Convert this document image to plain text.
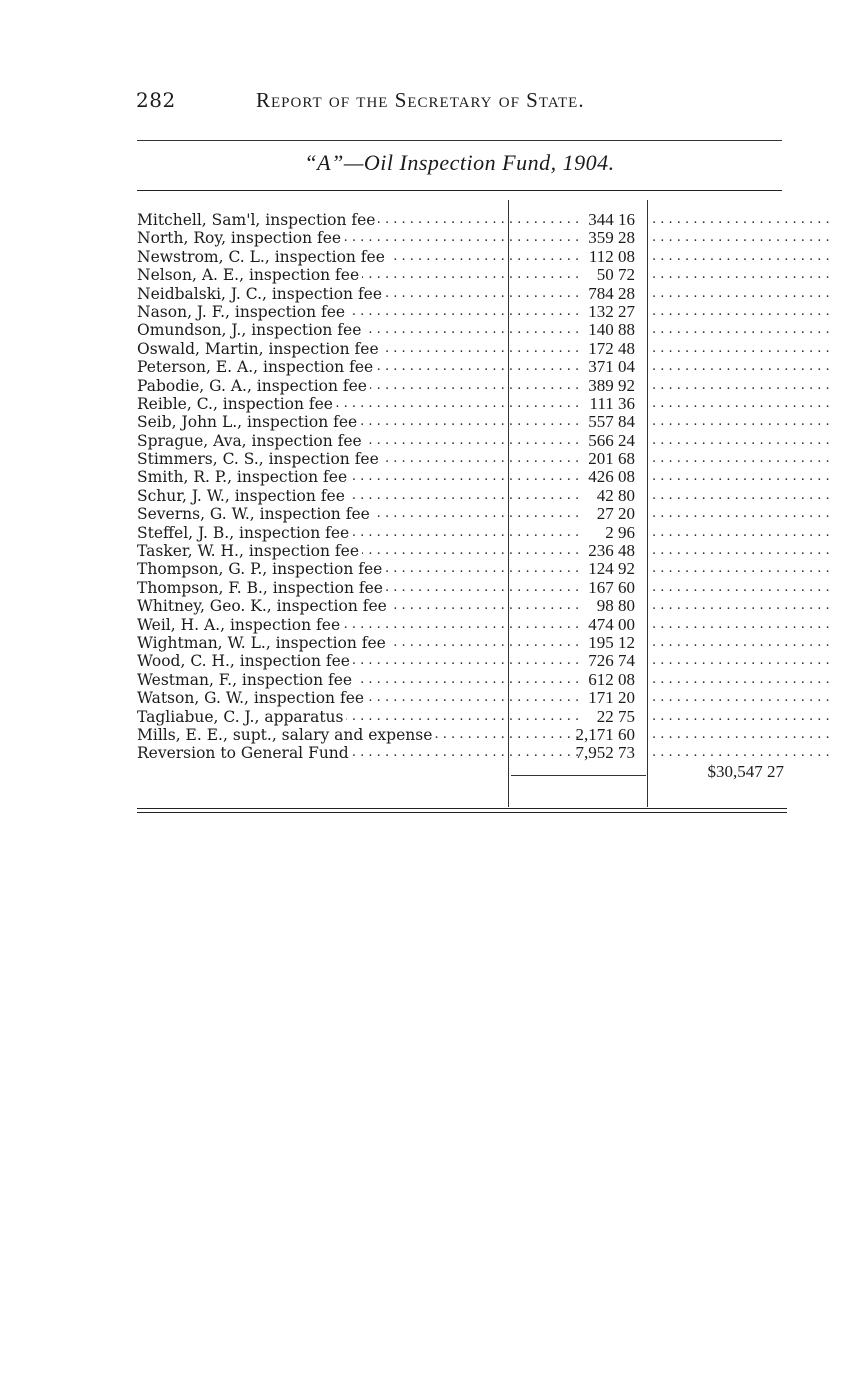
282	Report of the Secretary of State.
“A”—Oil Inspection Fund, 1904.
Mitchell, Sam'l, inspection fee . . .	344 16 . . . . . . . . . . . . . . . . . . . . . .
North, Roy, inspection fee . . .	359 28 . . . . . . . . . . . . . . . . . . . . . .
Newstrom, C. L., inspection fee . . .	112 08 . . . . . . . . . . . . . . . . . . . . . .
Nelson, A. E., inspection fee . . .	50 72 . . . . . . . . . . . . . . . . . . . . . .
Neidbalski, J. C., inspection fee . . .	784 28 . . . . . . . . . . . . . . . . . . . . . .
Nason, J. F., inspection fee . . .	132 27 . . . . . . . . . . . . . . . . . . . . . .
Omundson, J., inspection fee . . .	140 88 . . . . . . . . . . . . . . . . . . . . . .
Oswald, Martin, inspection fee . . .	172 48 . . . . . . . . . . . . . . . . . . . . . .
Peterson, E. A., inspection fee . . .	371 04 . . . . . . . . . . . . . . . . . . . . . .
Pabodie, G. A., inspection fee . . .	389 92 . . . . . . . . . . . . . . . . . . . . . .
Reible, C., inspection fee . . .	111 36 . . . . . . . . . . . . . . . . . . . . . .
Seib, John L., inspection fee . . .	557 84 . . . . . . . . . . . . . . . . . . . . . .
Sprague, Ava, inspection fee . . .	566 24 . . . . . . . . . . . . . . . . . . . . . .
Stimmers, C. S., inspection fee . . .	201 68 . . . . . . . . . . . . . . . . . . . . . .
Smith, R. P., inspection fee . . .	426 08 . . . . . . . . . . . . . . . . . . . . . .
Schur, J. W., inspection fee . . .	42 80 . . . . . . . . . . . . . . . . . . . . . .
Severns, G. W., inspection fee . . .	27 20 . . . . . . . . . . . . . . . . . . . . . .
Steffel, J. B., inspection fee . . .	2 96 . . . . . . . . . . . . . . . . . . . . . .
Tasker, W. H., inspection fee . . .	236 48 . . . . . . . . . . . . . . . . . . . . . .
Thompson, G. P., inspection fee . . .	124 92 . . . . . . . . . . . . . . . . . . . . . .
Thompson, F. B., inspection fee . . .	167 60 . . . . . . . . . . . . . . . . . . . . . .
Whitney, Geo. K., inspection fee . . .	98 80 . . . . . . . . . . . . . . . . . . . . . .
Weil, H. A., inspection fee . . .	474 00 . . . . . . . . . . . . . . . . . . . . . .
Wightman, W. L., inspection fee . . .	195 12 . . . . . . . . . . . . . . . . . . . . . .
Wood, C. H., inspection fee . . .	726 74 . . . . . . . . . . . . . . . . . . . . . .
Westman, F., inspection fee . . .	612 08 . . . . . . . . . . . . . . . . . . . . . .
Watson, G. W., inspection fee . . .	171 20 . . . . . . . . . . . . . . . . . . . . . .
Tagliabue, C. J., apparatus . . .	22 75 . . . . . . . . . . . . . . . . . . . . . .
Mills, E. E., supt., salary and expense . . .	2,171 60 . . . . . . . . . . . . . . . . . . . . . .
Reversion to General Fund . . .	7,952 73 . . . . . . . . . . . . . . . . . . . . . .
$30,547 27
